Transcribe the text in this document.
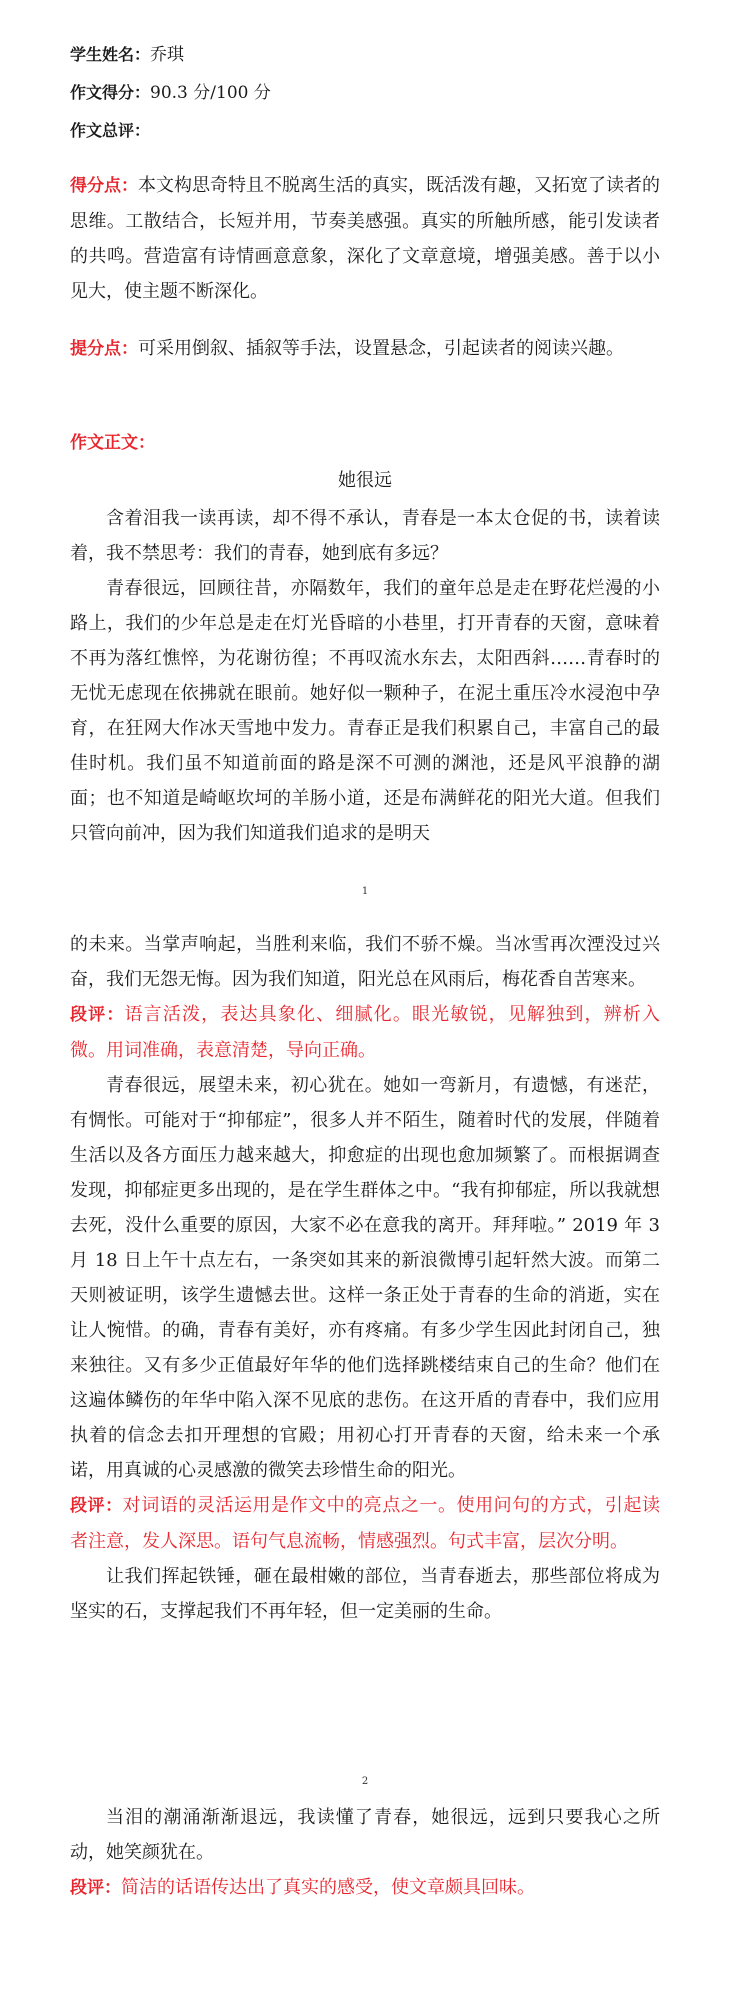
学生姓名：乔琪
作文得分：90.3 分/100 分
作文总评：
得分点：本文构思奇特且不脱离生活的真实，既活泼有趣，又拓宽了读者的思维。工散结合，长短并用，节奏美感强。真实的所触所感，能引发读者的共鸣。营造富有诗情画意意象，深化了文章意境，增强美感。善于以小见大，使主题不断深化。
提分点：可采用倒叙、插叙等手法，设置悬念，引起读者的阅读兴趣。
作文正文：
她很远

含着泪我一读再读，却不得不承认，青春是一本太仓促的书，读着读着，我不禁思考：我们的青春，她到底有多远？

青春很远，回顾往昔，亦隔数年，我们的童年总是走在野花烂漫的小路上，我们的少年总是走在灯光昏暗的小巷里，打开青春的天窗，意味着不再为落红憔悴，为花谢彷徨；不再叹流水东去，太阳西斜……青春时的无忧无虑现在依拂就在眼前。她好似一颗种子，在泥土重压冷水浸泡中孕育，在狂网大作冰天雪地中发力。青春正是我们积累自己，丰富自己的最佳时机。我们虽不知道前面的路是深不可测的渊池，还是风平浪静的湖面；也不知道是崎岖坎坷的羊肠小道，还是布满鲜花的阳光大道。但我们只管向前冲，因为我们知道我们追求的是明天

1

的未来。当掌声响起，当胜利来临，我们不骄不燥。当冰雪再次湮没过兴奋，我们无怨无悔。因为我们知道，阳光总在风雨后，梅花香自苦寒来。

段评：语言活泼，表达具象化、细腻化。眼光敏锐，见解独到，辨析入微。用词准确，表意清楚，导向正确。

青春很远，展望未来，初心犹在。她如一弯新月，有遗憾，有迷茫，有惆怅。可能对于“抑郁症”，很多人并不陌生，随着时代的发展，伴随着生活以及各方面压力越来越大，抑愈症的出现也愈加频繁了。而根据调查发现，抑郁症更多出现的，是在学生群体之中。“我有抑郁症，所以我就想去死，没什么重要的原因，大家不必在意我的离开。拜拜啦。” 2019 年 3 月 18 日上午十点左右，一条突如其来的新浪微博引起轩然大波。而第二天则被证明，该学生遗憾去世。这样一条正处于青春的生命的消逝，实在让人惋惜。的确，青春有美好，亦有疼痛。有多少学生因此封闭自己，独来独往。又有多少正值最好年华的他们选择跳楼结束自己的生命？他们在这遍体鳞伤的年华中陷入深不见底的悲伤。在这开盾的青春中，我们应用执着的信念去扣开理想的官殿；用初心打开青春的天窗，给未来一个承诺，用真诚的心灵感激的微笑去珍惜生命的阳光。

段评：对词语的灵活运用是作文中的亮点之一。使用问句的方式，引起读者注意，发人深思。语句气息流畅，情感强烈。句式丰富，层次分明。

让我们挥起铁锤，砸在最柑嫩的部位，当青春逝去，那些部位将成为坚实的石，支撑起我们不再年轻，但一定美丽的生命。

2

当泪的潮涌渐渐退远，我读懂了青春，她很远，远到只要我心之所动，她笑颜犹在。

段评：简洁的话语传达出了真实的感受，使文章颇具回味。
